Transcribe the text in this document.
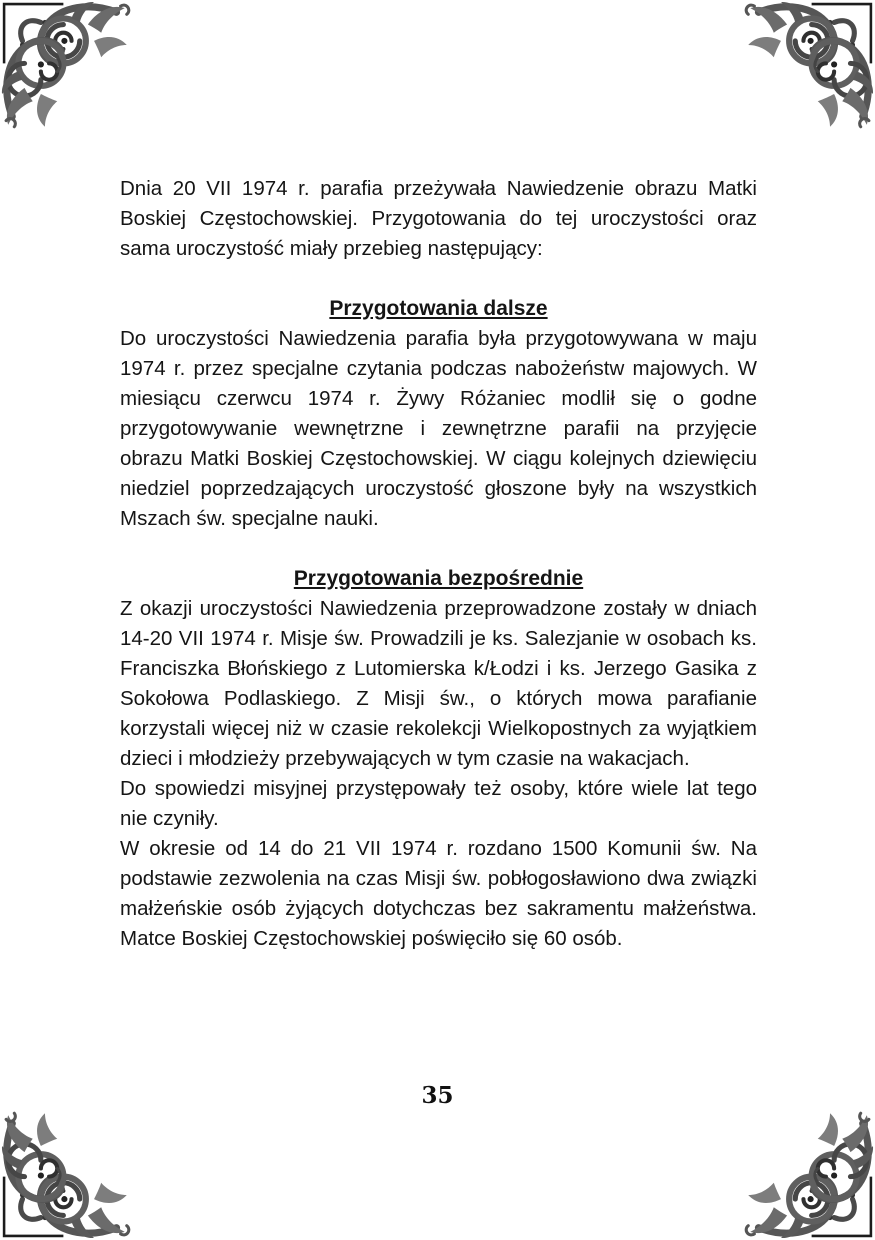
Dnia 20 VII 1974 r. parafia przeżywała Nawiedzenie obrazu Matki Boskiej Częstochowskiej. Przygotowania do tej uroczystości oraz sama uroczystość miały przebieg następujący:

Przygotowania dalsze

Do uroczystości Nawiedzenia parafia była przygotowywana w maju 1974 r. przez specjalne czytania podczas nabożeństw majowych. W miesiącu czerwcu 1974 r. Żywy Różaniec modlił się o godne przygotowywanie wewnętrzne i zewnętrzne parafii na przyjęcie obrazu Matki Boskiej Częstochowskiej. W ciągu kolejnych dziewięciu niedziel poprzedzających uroczystość głoszone były na wszystkich Mszach św. specjalne nauki.

Przygotowania bezpośrednie

Z okazji uroczystości Nawiedzenia przeprowadzone zostały w dniach 14-20 VII 1974 r. Misje św. Prowadzili je ks. Salezjanie w osobach ks. Franciszka Błońskiego z Lutomierska k/Łodzi i ks. Jerzego Gasika z Sokołowa Podlaskiego. Z Misji św., o których mowa parafianie korzystali więcej niż w czasie rekolekcji Wielkopostnych za wyjątkiem dzieci i młodzieży przebywających w tym czasie na wakacjach.

Do spowiedzi misyjnej przystępowały też osoby, które wiele lat tego nie czyniły.

W okresie od 14 do 21 VII 1974 r. rozdano 1500 Komunii św. Na podstawie zezwolenia na czas Misji św. pobłogosławiono dwa związki małżeńskie osób żyjących dotychczas bez sakramentu małżeństwa. Matce Boskiej Częstochowskiej poświęciło się 60 osób.

35
